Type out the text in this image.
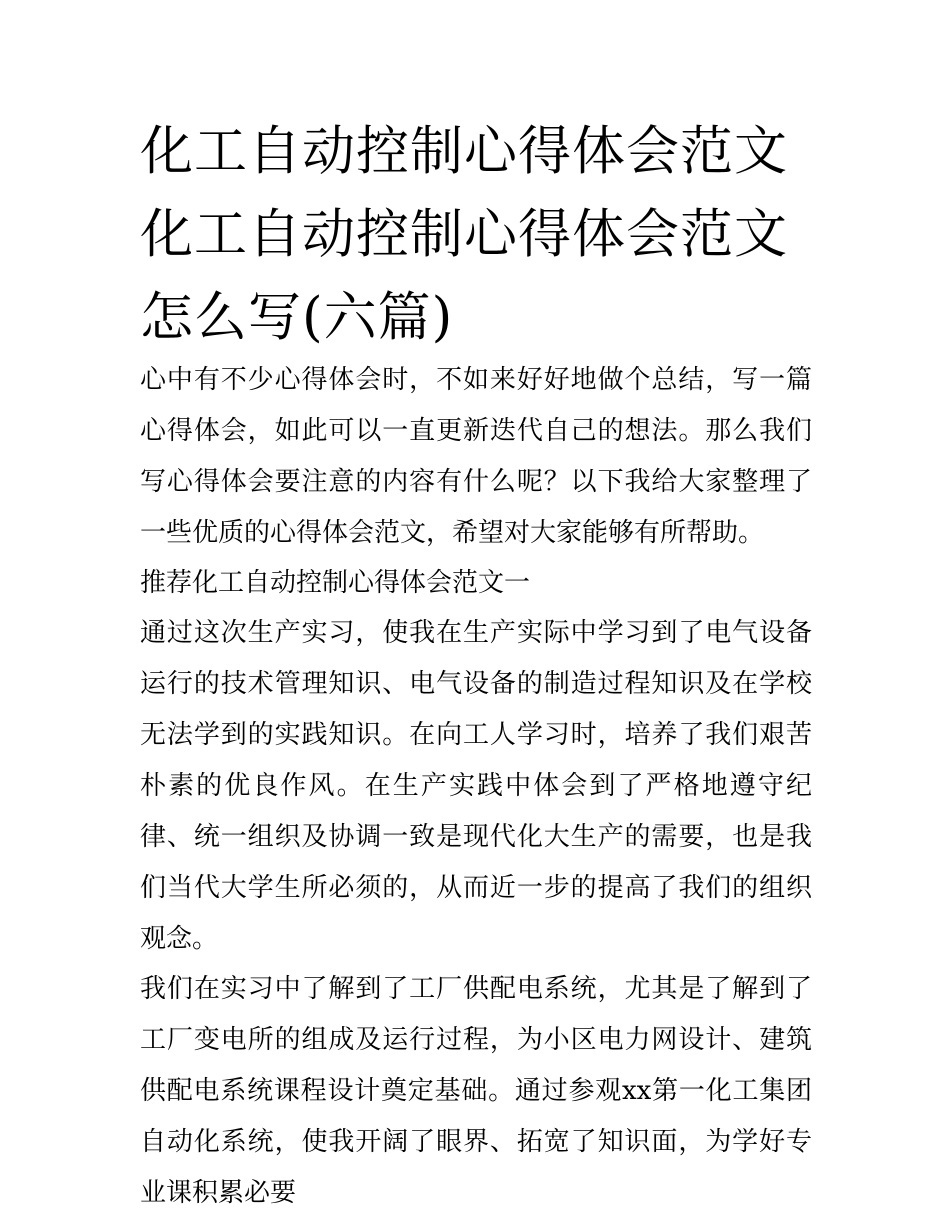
化工自动控制心得体会范文 化工自动控制心得体会范文怎么写(六篇)

心中有不少心得体会时，不如来好好地做个总结，写一篇心得体会，如此可以一直更新迭代自己的想法。那么我们写心得体会要注意的内容有什么呢？以下我给大家整理了一些优质的心得体会范文，希望对大家能够有所帮助。

推荐化工自动控制心得体会范文一

通过这次生产实习，使我在生产实际中学习到了电气设备运行的技术管理知识、电气设备的制造过程知识及在学校无法学到的实践知识。在向工人学习时，培养了我们艰苦朴素的优良作风。在生产实践中体会到了严格地遵守纪律、统一组织及协调一致是现代化大生产的需要，也是我们当代大学生所必须的，从而近一步的提高了我们的组织观念。

我们在实习中了解到了工厂供配电系统，尤其是了解到了工厂变电所的组成及运行过程，为小区电力网设计、建筑供配电系统课程设计奠定基础。通过参观xx第一化工集团自动化系统，使我开阔了眼界、拓宽了知识面，为学好专业课积累必要
